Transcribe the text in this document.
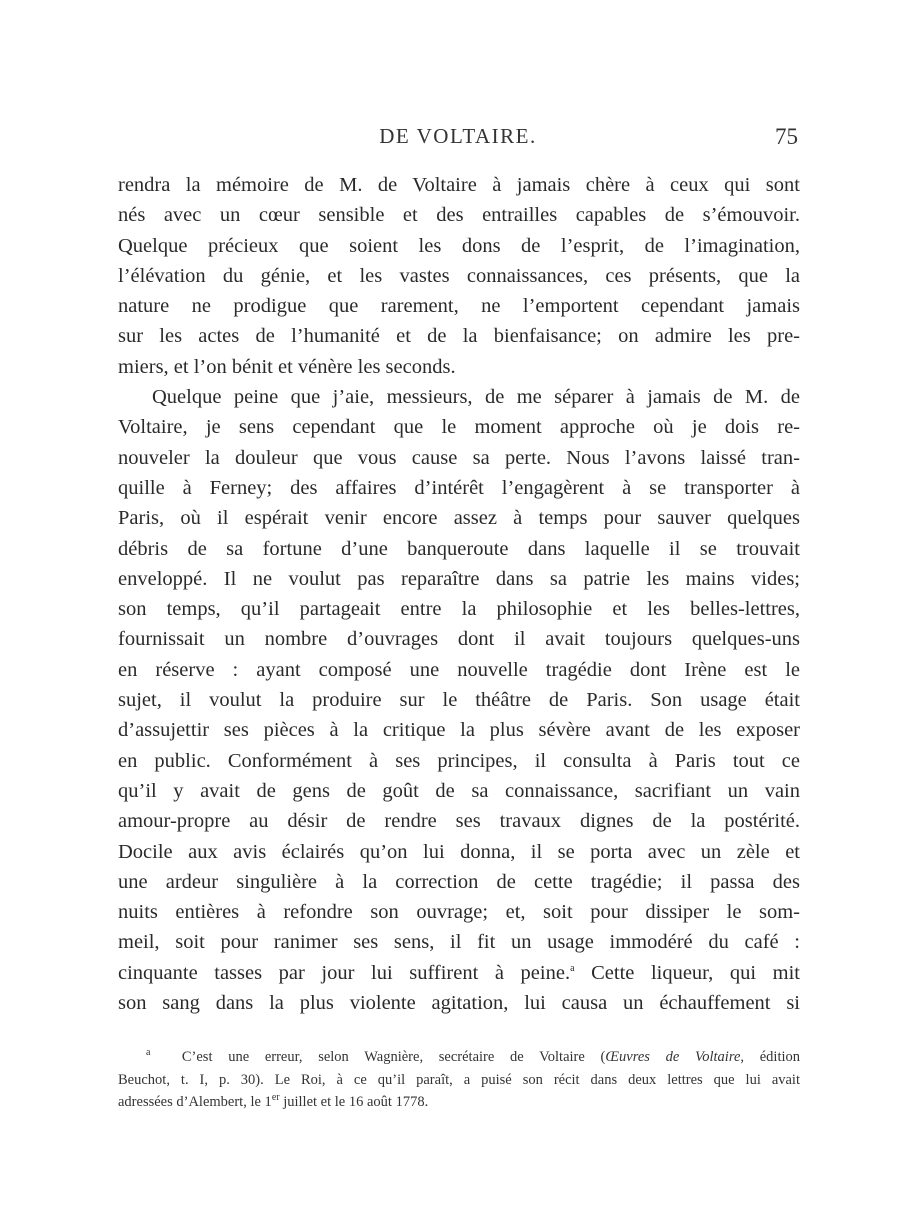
DE VOLTAIRE.	75
rendra la mémoire de M. de Voltaire à jamais chère à ceux qui sont
nés avec un cœur sensible et des entrailles capables de s’émouvoir.
Quelque précieux que soient les dons de l’esprit, de l’imagination,
l’élévation du génie, et les vastes connaissances, ces présents, que la
nature ne prodigue que rarement, ne l’emportent cependant jamais
sur les actes de l’humanité et de la bienfaisance; on admire les pre-
miers, et l’on bénit et vénère les seconds.
Quelque peine que j’aie, messieurs, de me séparer à jamais de M. de
Voltaire, je sens cependant que le moment approche où je dois re-
nouveler la douleur que vous cause sa perte. Nous l’avons laissé tran-
quille à Ferney; des affaires d’intérêt l’engagèrent à se transporter à
Paris, où il espérait venir encore assez à temps pour sauver quelques
débris de sa fortune d’une banqueroute dans laquelle il se trouvait
enveloppé. Il ne voulut pas reparaître dans sa patrie les mains vides;
son temps, qu’il partageait entre la philosophie et les belles-lettres,
fournissait un nombre d’ouvrages dont il avait toujours quelques-uns
en réserve : ayant composé une nouvelle tragédie dont Irène est le
sujet, il voulut la produire sur le théâtre de Paris. Son usage était
d’assujettir ses pièces à la critique la plus sévère avant de les exposer
en public. Conformément à ses principes, il consulta à Paris tout ce
qu’il y avait de gens de goût de sa connaissance, sacrifiant un vain
amour-propre au désir de rendre ses travaux dignes de la postérité.
Docile aux avis éclairés qu’on lui donna, il se porta avec un zèle et
une ardeur singulière à la correction de cette tragédie; il passa des
nuits entières à refondre son ouvrage; et, soit pour dissiper le som-
meil, soit pour ranimer ses sens, il fit un usage immodéré du café :
cinquante tasses par jour lui suffirent à peine.$^a$ Cette liqueur, qui mit
son sang dans la plus violente agitation, lui causa un échauffement si
$^a$ C’est une erreur, selon Wagnière, secrétaire de Voltaire (Œuvres de Voltaire, édition
Beuchot, t. I, p. 30). Le Roi, à ce qu’il paraît, a puisé son récit dans deux lettres que lui avait
adressées d’Alembert, le 1er juillet et le 16 août 1778.
